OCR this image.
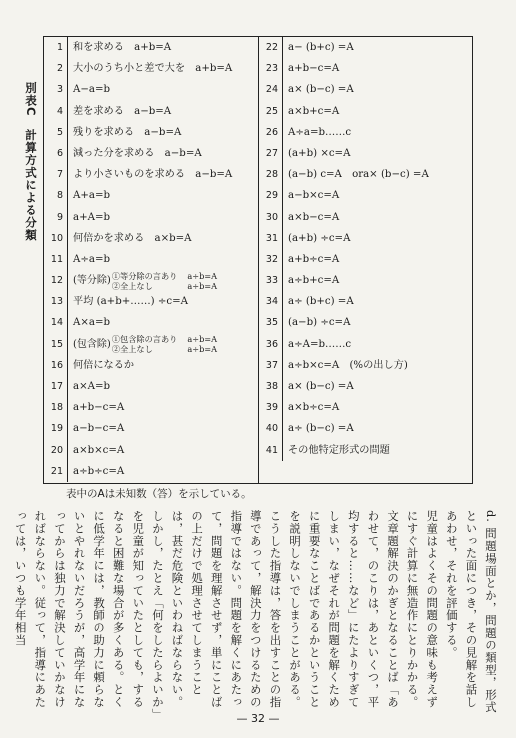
別表C　計算方式による分類
1 和を求める　a+b=A
2 大小のうち小と差で大を　a+b=A
3 A−a=b
4 差を求める　a−b=A
5 残りを求める　a−b=A
6 減った分を求める　a−b=A
7 より小さいものを求める　a−b=A
8 A+a=b
9 a+A=b
10 何倍かを求める　a×b=A
11 A÷a=b
12	(等分除) ①等分除の言あり
②全上なし
a÷b=A
a÷b=A
13 平均 (a+b+……) ÷c=A
14 A×a=b
15	(包含除) ①包含除の言あり
②全上なし
a÷b=A
a÷b=A
16 何倍になるか
17 a×A=b
18 a+b−c=A
19 a−b−c=A
20 a×b×c=A
21 a÷b÷c=A
22 a− (b+c) =A
23 a+b−c=A
24 a× (b−c) =A
25 a×b+c=A
26 A÷a=b……c
27 (a+b) ×c=A
28 (a−b) c=A　ora× (b−c) =A
29 a−b×c=A
30 a×b−c=A
31 (a+b) ÷c=A
32 a+b÷c=A
33 a÷b+c=A
34 a÷ (b+c) =A
35 (a−b) ÷c=A
36 a÷A=b……c
37 a÷b×c=A　(%の出し方)
38 a× (b−c) =A
39 a×b÷c=A
40 a÷ (b−c) =A
41 その他特定形式の問題
表中のAは未知数（答）を示している。

d. 問題場面とか，問題の類型，形式といった面につき，その見解を話しあわせ，それを評価する。

児童はよくその問題の意味も考えずにすぐ計算に無造作にとりかかる。文章題解決のかぎとなることば「あわせて，のこりは，あといくつ，平均すると……など」にたよりすぎてしまい，なぜそれが問題を解くために重要なことばであるかということを説明しないでしまうことがある。こうした指導は，答を出すことの指導であって，解決力をつけるための指導ではない。問題を解くにあたって，問題を理解させず，単にことばの上だけで処理させてしまうことは，甚だ危険といわねばならない。

しかし，たとえ「何をしたらよいか」を児童が知っていたとしても，するなると困難な場合が多くある。とくに低学年には，教師の助力に頼らないとやれないだろうが，高学年になってからは独力で解決していかなければならない。従って，指導にあたっては，いつも学年相当

— 32 —
